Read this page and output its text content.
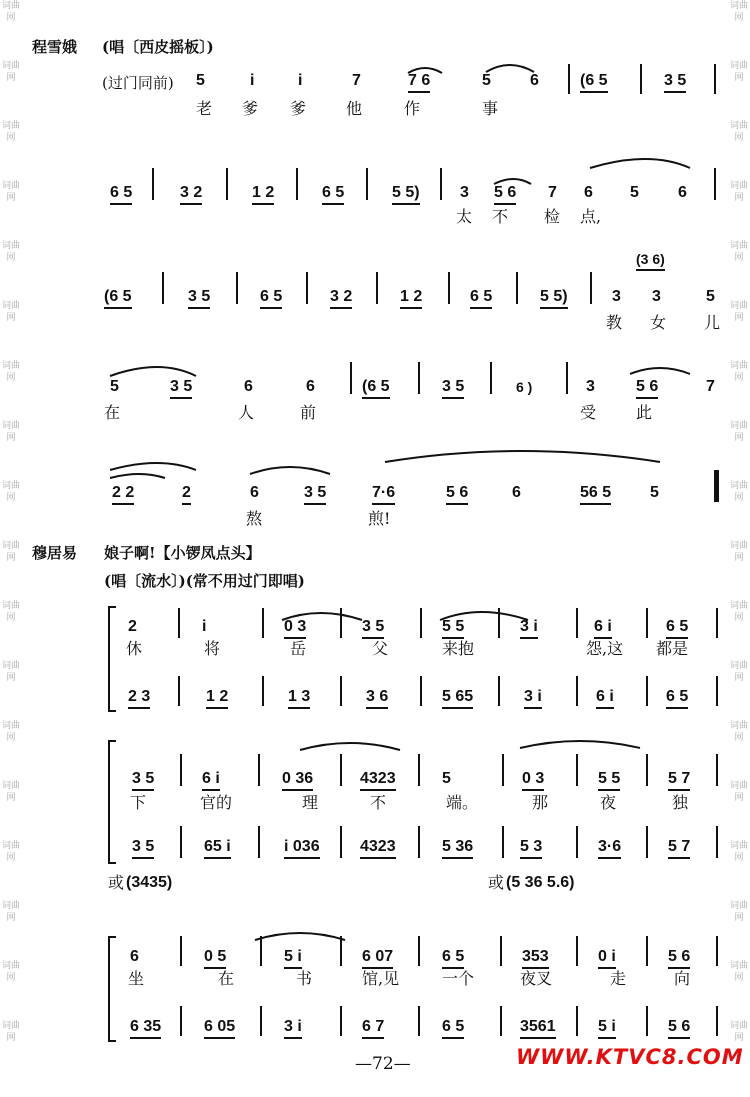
词曲网
词曲网
词曲网
词曲网
词曲网
词曲网
词曲网
词曲网
词曲网
词曲网
词曲网
词曲网
词曲网
词曲网
词曲网
词曲网
词曲网
词曲网
词曲网
词曲网
词曲网
词曲网
词曲网
词曲网
词曲网
词曲网
词曲网
词曲网
词曲网
词曲网
词曲网
词曲网
词曲网
词曲网
词曲网
词曲网
程雪娥 (唱〔西皮摇板〕)
(过门同前) 5	i	i	7	7 6	5 6	(6 5	3 5
老 爹 爹 他	作	事
6 5	3 2	1 2	6 5	5 5)	3 5 6 7 6 5 6
太 不 检 点,
(3 6)
(6 5	3 5	6 5	3 2	1 2	6 5	5 5)	3 3	5
教 女 儿
5	3 5	6	6	(6 5	3 5	6 )	3	5 6	7
在	人	前	受 此
2 2	2	6	3 5	7·6	5 6	6	56 5 5
熬	煎!
穆居易 娘子啊!【小锣凤点头】
(唱〔流水〕)(常不用过门即唱)
2	i	0 3	3 5	5 5	3 i	6 i	6 5
休	将	岳	父	来抱	怨,这 都是
2 3	1 2	1 3	3 6	5 65	3 i	6 i	6 5
3 5	6 i	0 36	4323	5	0 3	5 5	5 7
下	官的	理	不	端。	那	夜	独
3 5	65 i	i 036	4323	5 36	5 3	3·6	5 7
或 (3435)	或 (5 36 5.6)
6	0 5	5 i	6 07	6 5	353	0 i	5 6
坐	在	书	馆,见	一个	夜叉	走	向
6 35	6 05	3 i	6 7	6 5	3561	5 i	5 6
—72—	WWW.KTVC8.COM
